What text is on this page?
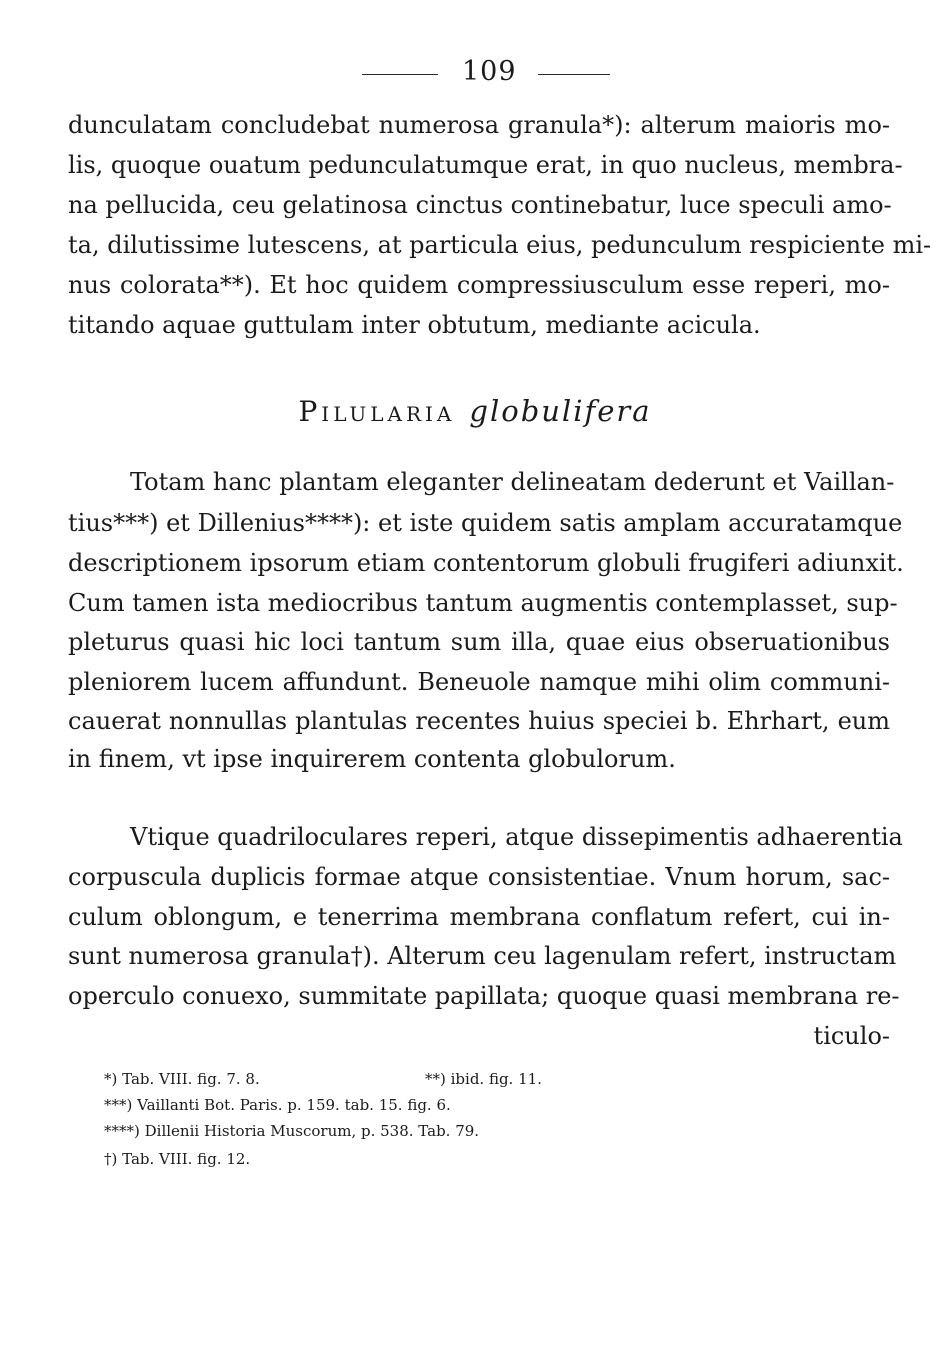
109
dunculatam concludebat numerosa granula*): alterum maioris mo-
lis, quoque ouatum pedunculatumque erat, in quo nucleus, membra-
na pellucida, ceu gelatinosa cinctus continebatur, luce speculi amo-
ta, dilutissime lutescens, at particula eius, pedunculum respiciente mi-
nus colorata**). Et hoc quidem compressiusculum esse reperi, mo-
titando aquae guttulam inter obtutum, mediante acicula.
Pilularia globulifera
Totam hanc plantam eleganter delineatam dederunt et Vaillan-
tius***) et Dillenius****): et iste quidem satis amplam accuratamque
descriptionem ipsorum etiam contentorum globuli frugiferi adiunxit.
Cum tamen ista mediocribus tantum augmentis contemplasset, sup-
pleturus quasi hic loci tantum sum illa, quae eius obseruationibus
pleniorem lucem affundunt. Beneuole namque mihi olim communi-
cauerat nonnullas plantulas recentes huius speciei b. Ehrhart, eum
in finem, vt ipse inquirerem contenta globulorum.
Vtique quadriloculares reperi, atque dissepimentis adhaerentia
corpuscula duplicis formae atque consistentiae. Vnum horum, sac-
culum oblongum, e tenerrima membrana conflatum refert, cui in-
sunt numerosa granula†). Alterum ceu lagenulam refert, instructam
operculo conuexo, summitate papillata; quoque quasi membrana re-
ticulo-
*) Tab. VIII. fig. 7. 8.	**) ibid. fig. 11.
***) Vaillanti Bot. Paris. p. 159. tab. 15. fig. 6.
****) Dillenii Historia Muscorum, p. 538. Tab. 79.
†) Tab. VIII. fig. 12.
